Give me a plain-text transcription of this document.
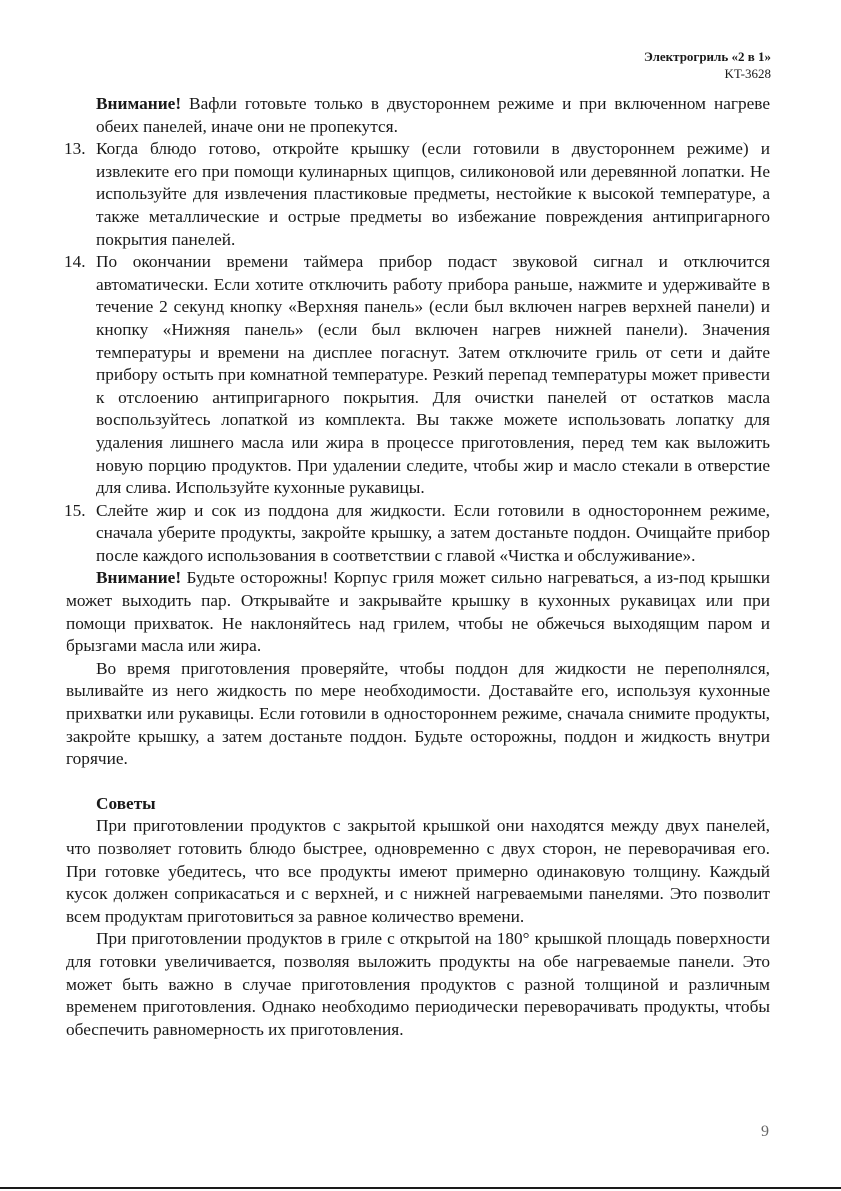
Электрогриль «2 в 1»
KT-3628

Внимание! Вафли готовьте только в двустороннем режиме и при включенном нагреве обеих панелей, иначе они не пропекутся.

13. Когда блюдо готово, откройте крышку (если готовили в двустороннем режиме) и извлеките его при помощи кулинарных щипцов, силиконовой или деревянной лопатки. Не используйте для извлечения пластиковые предметы, нестойкие к высокой температуре, а также металлические и острые предметы во избежание повреждения антипригарного покрытия панелей.
14. По окончании времени таймера прибор подаст звуковой сигнал и отключится автоматически. Если хотите отключить работу прибора раньше, нажмите и удерживайте в течение 2 секунд кнопку «Верхняя панель» (если был включен нагрев верхней панели) и кнопку «Нижняя панель» (если был включен нагрев нижней панели). Значения температуры и времени на дисплее погаснут. Затем отключите гриль от сети и дайте прибору остыть при комнатной температуре. Резкий перепад температуры может привести к отслоению антипригарного покрытия. Для очистки панелей от остатков масла воспользуйтесь лопаткой из комплекта. Вы также можете использовать лопатку для удаления лишнего масла или жира в процессе приготовления, перед тем как выложить новую порцию продуктов. При удалении следите, чтобы жир и масло стекали в отверстие для слива. Используйте кухонные рукавицы.
15. Слейте жир и сок из поддона для жидкости. Если готовили в одностороннем режиме, сначала уберите продукты, закройте крышку, а затем достаньте поддон. Очищайте прибор после каждого использования в соответствии с главой «Чистка и обслуживание».

Внимание! Будьте осторожны! Корпус гриля может сильно нагреваться, а из-под крышки может выходить пар. Открывайте и закрывайте крышку в кухонных рукавицах или при помощи прихваток. Не наклоняйтесь над грилем, чтобы не обжечься выходящим паром и брызгами масла или жира.

Во время приготовления проверяйте, чтобы поддон для жидкости не переполнялся, выливайте из него жидкость по мере необходимости. Доставайте его, используя кухонные прихватки или рукавицы. Если готовили в одностороннем режиме, сначала снимите продукты, закройте крышку, а затем достаньте поддон. Будьте осторожны, поддон и жидкость внутри горячие.

Советы

При приготовлении продуктов с закрытой крышкой они находятся между двух панелей, что позволяет готовить блюдо быстрее, одновременно с двух сторон, не переворачивая его. При готовке убедитесь, что все продукты имеют примерно одинаковую толщину. Каждый кусок должен соприкасаться и с верхней, и с нижней нагреваемыми панелями. Это позволит всем продуктам приготовиться за равное количество времени.

При приготовлении продуктов в гриле с открытой на 180° крышкой площадь поверхности для готовки увеличивается, позволяя выложить продукты на обе нагреваемые панели. Это может быть важно в случае приготовления продуктов с разной толщиной и различным временем приготовления. Однако необходимо периодически переворачивать продукты, чтобы обеспечить равномерность их приготовления.

9
